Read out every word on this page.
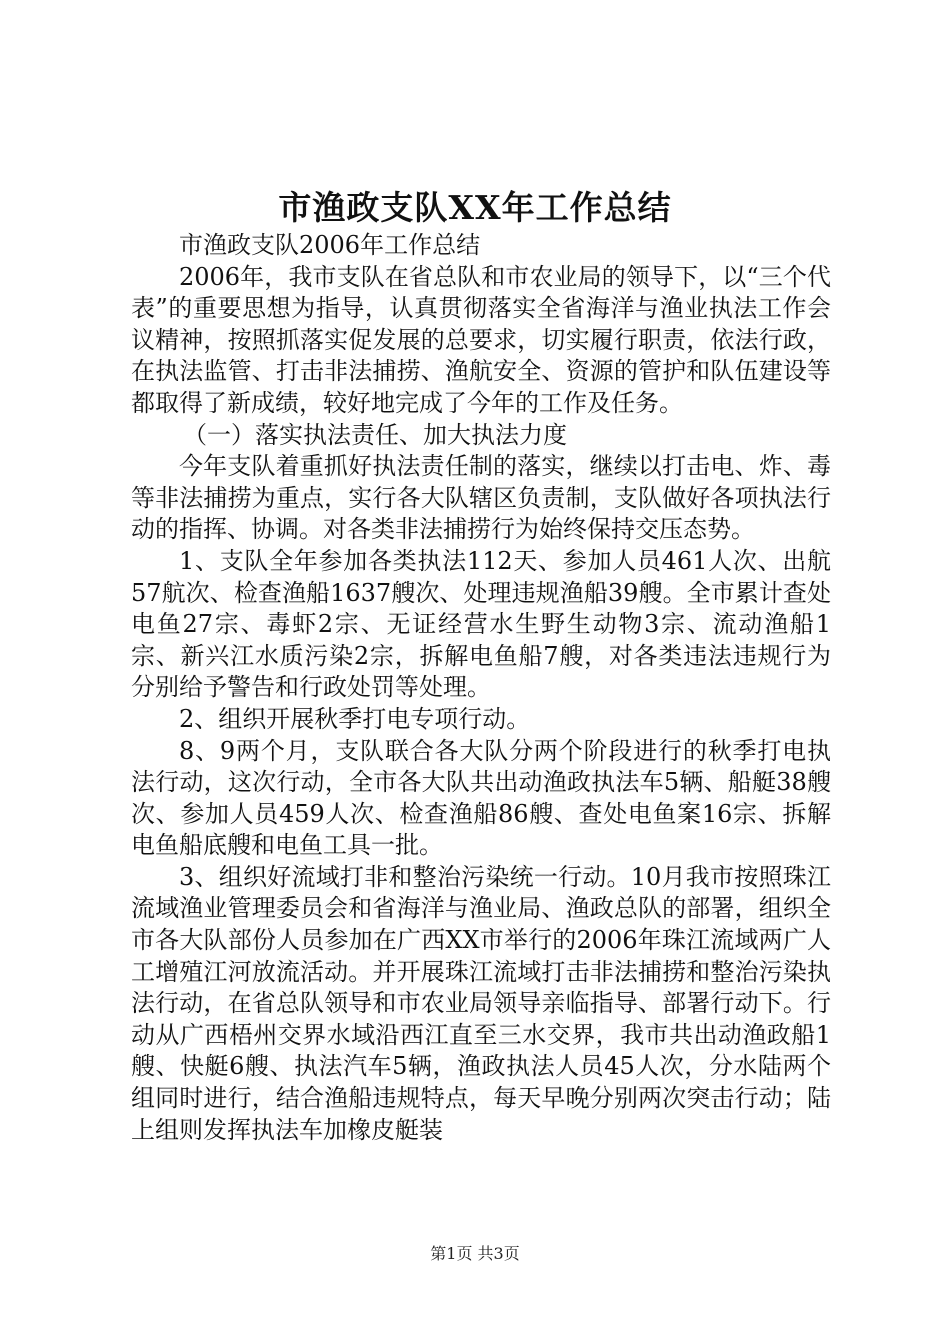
市渔政支队XX年工作总结

市渔政支队2006年工作总结

2006年，我市支队在省总队和市农业局的领导下，以“三个代表”的重要思想为指导，认真贯彻落实全省海洋与渔业执法工作会议精神，按照抓落实促发展的总要求，切实履行职责，依法行政，在执法监管、打击非法捕捞、渔航安全、资源的管护和队伍建设等都取得了新成绩，较好地完成了今年的工作及任务。

（一）落实执法责任、加大执法力度

今年支队着重抓好执法责任制的落实，继续以打击电、炸、毒等非法捕捞为重点，实行各大队辖区负责制，支队做好各项执法行动的指挥、协调。对各类非法捕捞行为始终保持交压态势。

1、支队全年参加各类执法112天、参加人员461人次、出航57航次、检查渔船1637艘次、处理违规渔船39艘。全市累计查处电鱼27宗、毒虾2宗、无证经营水生野生动物3宗、流动渔船1宗、新兴江水质污染2宗，拆解电鱼船7艘，对各类违法违规行为分别给予警告和行政处罚等处理。

2、组织开展秋季打电专项行动。

8、9两个月，支队联合各大队分两个阶段进行的秋季打电执法行动，这次行动，全市各大队共出动渔政执法车5辆、船艇38艘次、参加人员459人次、检查渔船86艘、查处电鱼案16宗、拆解电鱼船底艘和电鱼工具一批。

3、组织好流域打非和整治污染统一行动。10月我市按照珠江流域渔业管理委员会和省海洋与渔业局、渔政总队的部署，组织全市各大队部份人员参加在广西XX市举行的2006年珠江流域两广人工增殖江河放流活动。并开展珠江流域打击非法捕捞和整治污染执法行动，在省总队领导和市农业局领导亲临指导、部署行动下。行动从广西梧州交界水域沿西江直至三水交界，我市共出动渔政船1艘、快艇6艘、执法汽车5辆，渔政执法人员45人次，分水陆两个组同时进行，结合渔船违规特点，每天早晚分别两次突击行动；陆上组则发挥执法车加橡皮艇装

第1页 共3页
